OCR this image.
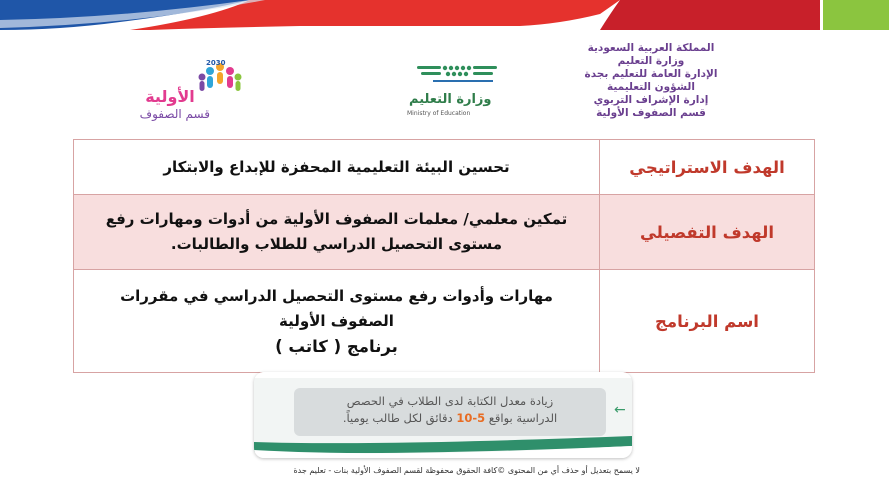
المملكة العربية السعودية
وزارة التعليم
الإدارة العامة للتعليم بجدة
الشؤون التعليمية
إدارة الإشراف التربوي
قسم الصفوف الأولية
وزارة التعليم
Ministry of Education
2030
الأولية
قسم الصفوف
الهدف الاستراتيجي	تحسين البيئة التعليمية المحفزة للإبداع والابتكار

الهدف التفصيلي	تمكين معلمي/ معلمات الصفوف الأولية من أدوات ومهارات رفع
مستوى التحصيل الدراسي للطلاب والطالبات.

اسم البرنامج	مهارات وأدوات رفع مستوى التحصيل الدراسي في مقررات
الصفوف الأولية
برنامج ( كاتب )
زيادة معدل الكتابة لدى الطلاب في الحصص
الدراسية بواقع 5-10 دقائق لكل طالب يومياً.	←
لا يسمح بتعديل أو حذف أي من المحتوى ©كافة الحقوق محفوظة لقسم الصفوف الأولية بنات - تعليم جدة
